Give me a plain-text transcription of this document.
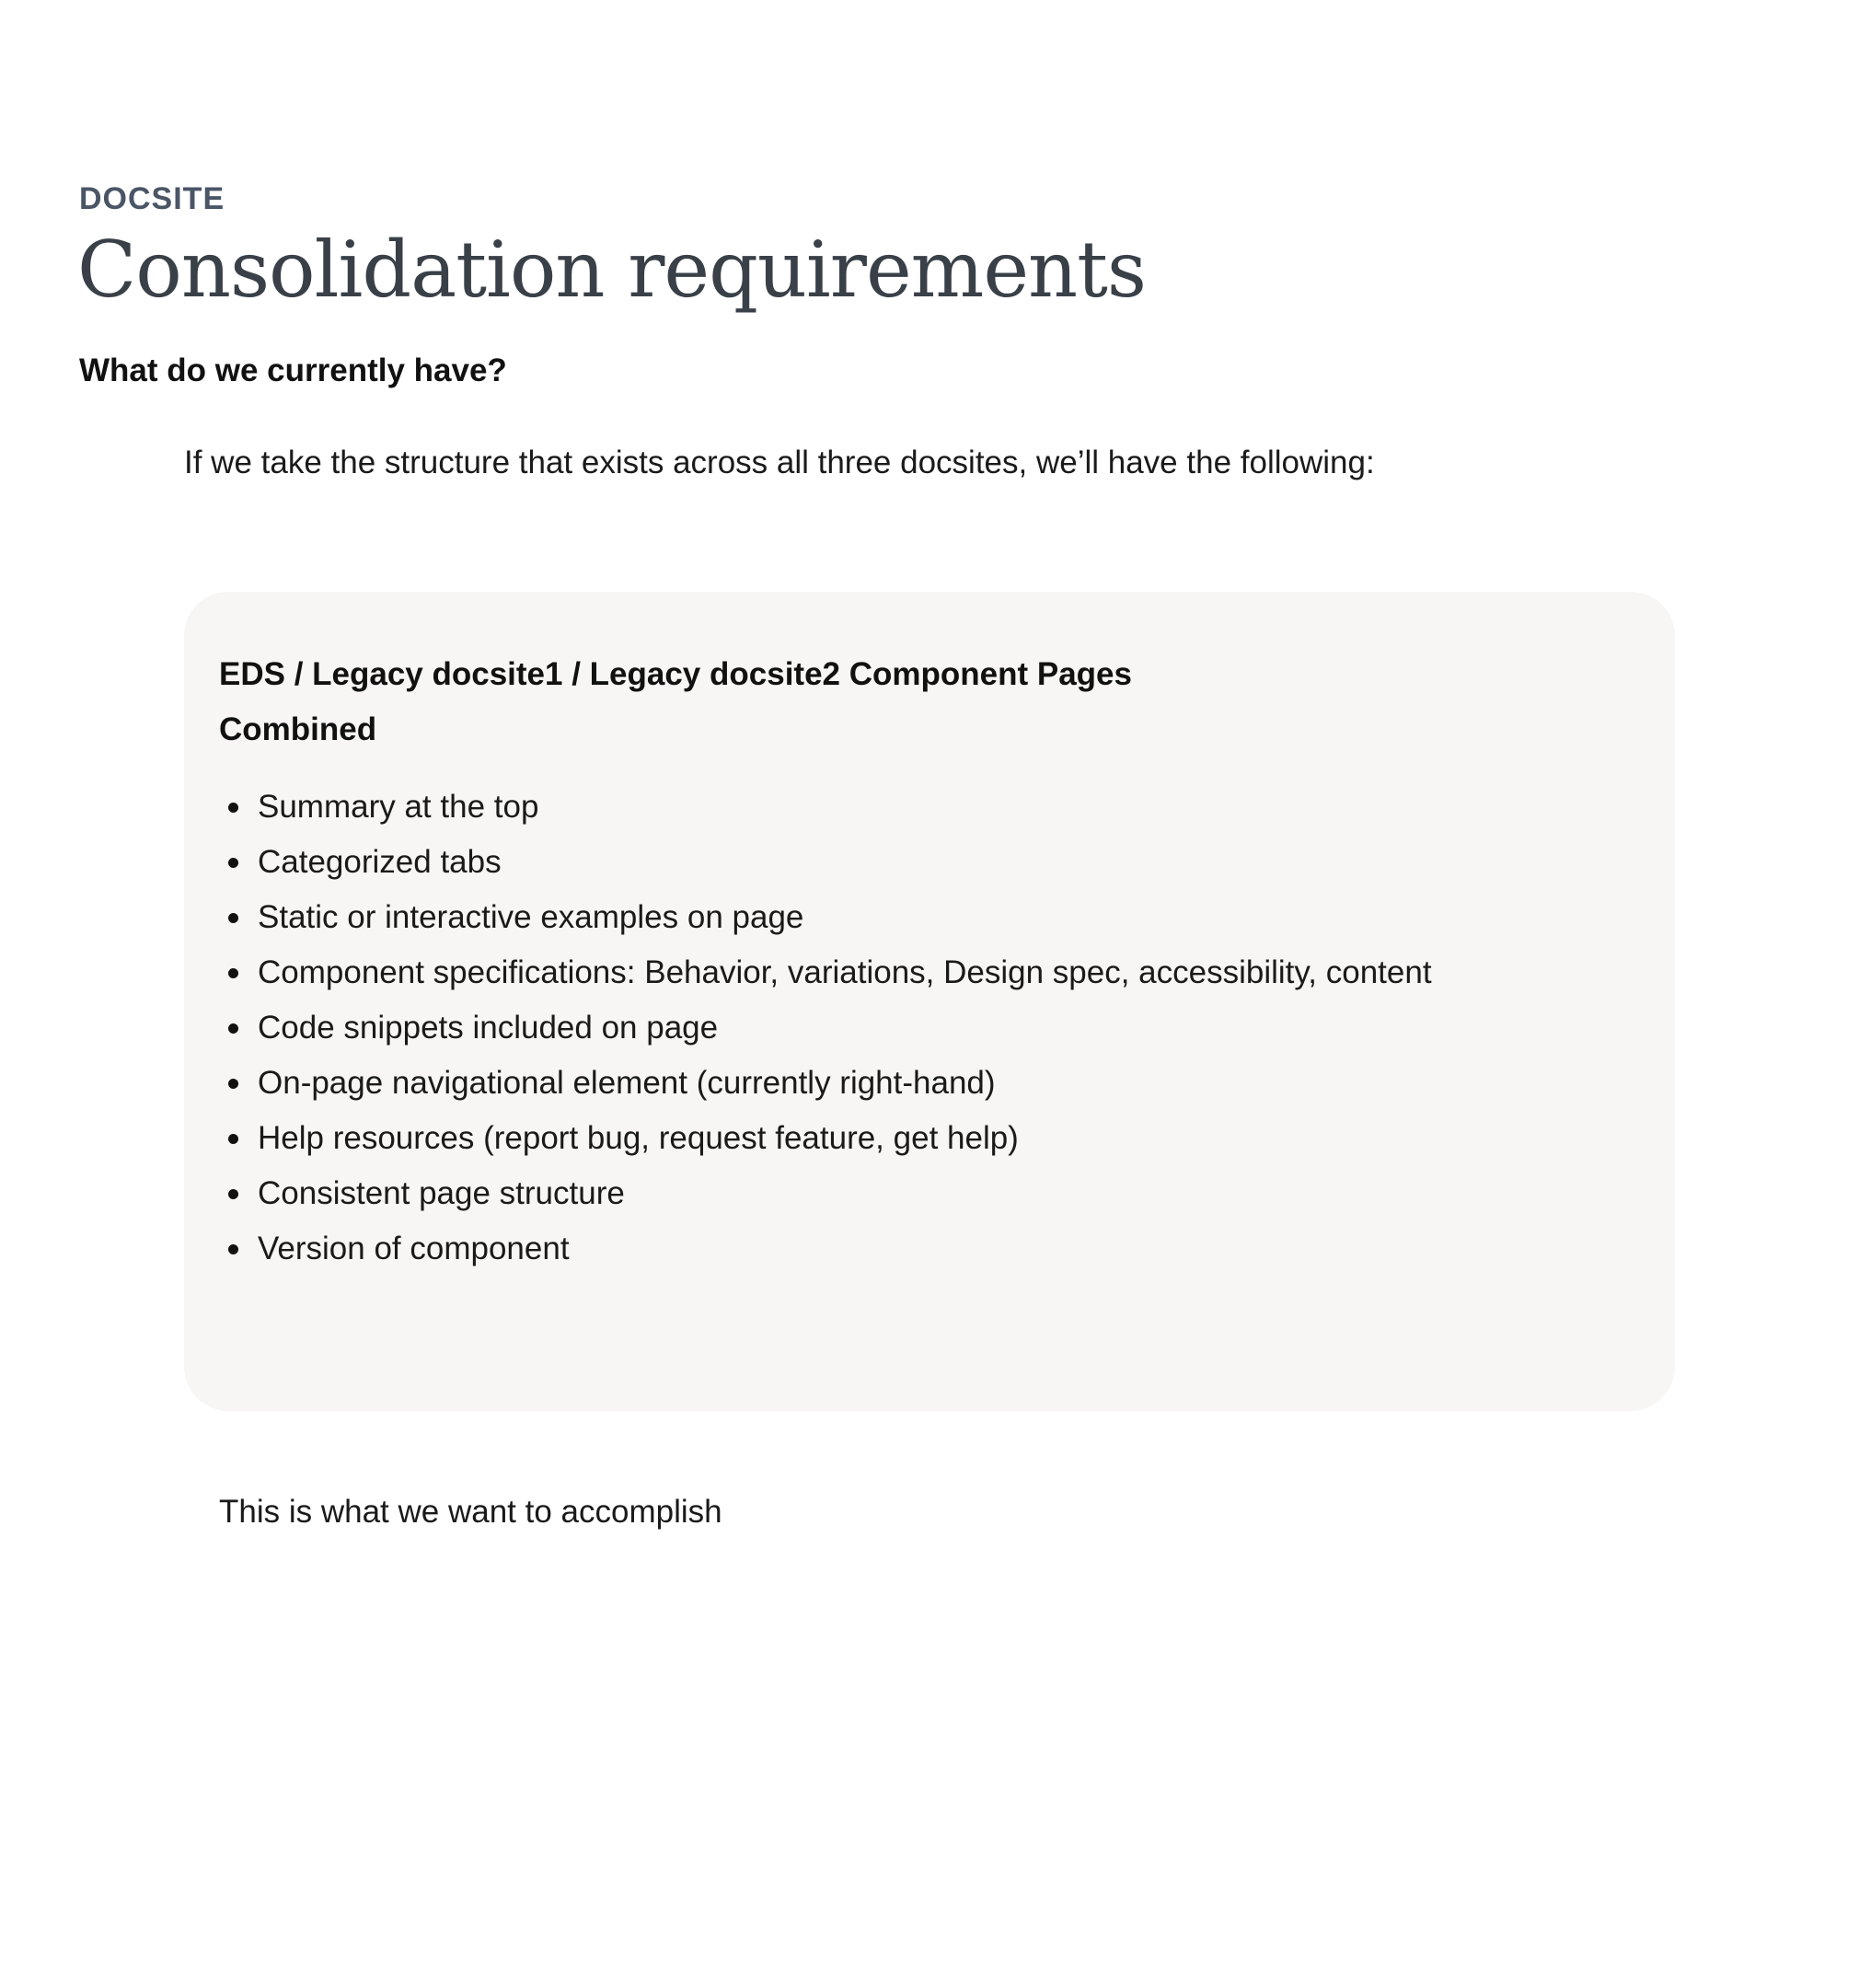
DOCSITE
Consolidation requirements
What do we currently have?
If we take the structure that exists across all three docsites, we’ll have the following:
EDS / Legacy docsite1 / Legacy docsite2 Component Pages Combined
Summary at the top
Categorized tabs
Static or interactive examples on page
Component specifications: Behavior, variations, Design spec, accessibility, content
Code snippets included on page
On-page navigational element (currently right-hand)
Help resources (report bug, request feature, get help)
Consistent page structure
Version of component
This is what we want to accomplish
